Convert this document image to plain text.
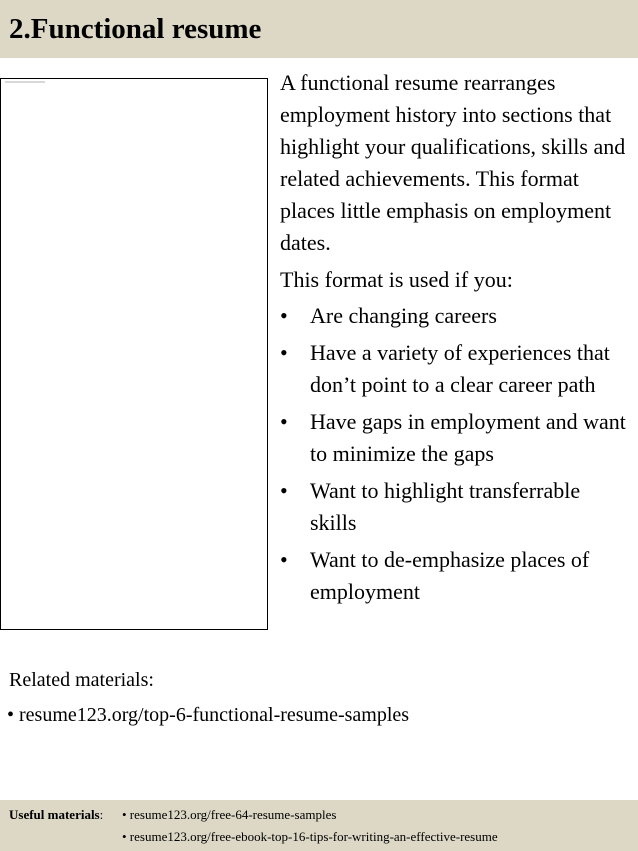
2.Functional resume

A functional resume rearranges employment history into sections that highlight your qualifications, skills and related achievements. This format places little emphasis on employment dates.

This format is used if you:

• Are changing careers
• Have a variety of experiences that don’t point to a clear career path
• Have gaps in employment and want to minimize the gaps
• Want to highlight transferrable skills
• Want to de-emphasize places of employment

Related materials:

• resume123.org/top-6-functional-resume-samples
Useful materials: • resume123.org/free-64-resume-samples
• resume123.org/free-ebook-top-16-tips-for-writing-an-effective-resume
